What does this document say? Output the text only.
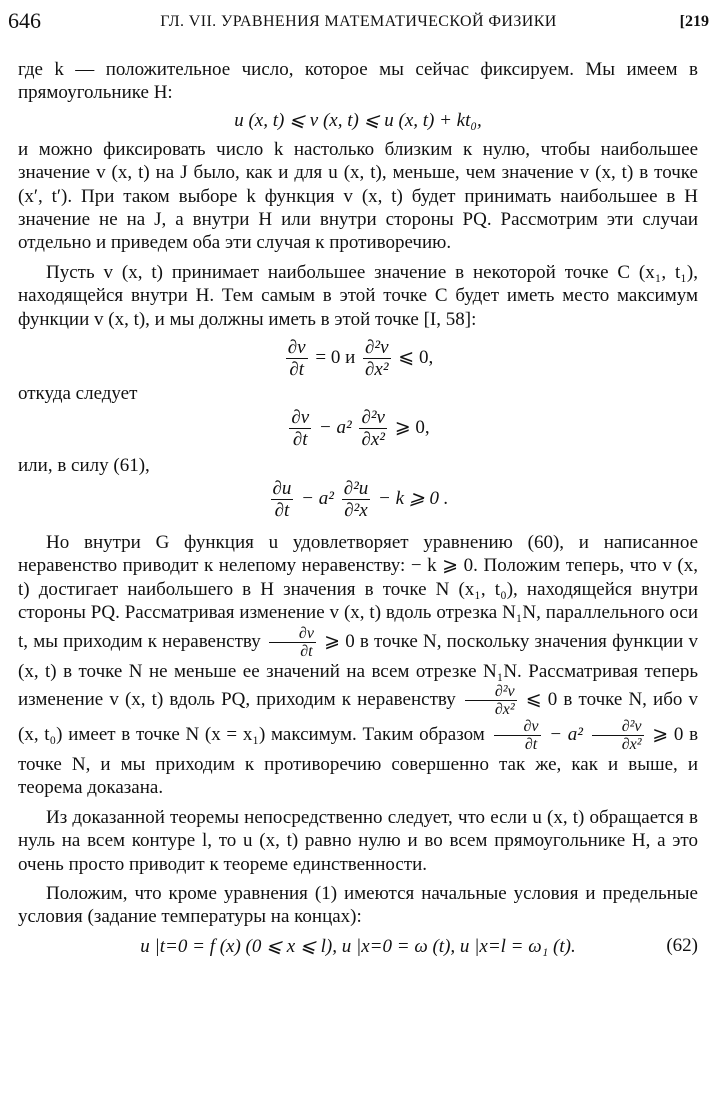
646	ГЛ. VII. УРАВНЕНИЯ МАТЕМАТИЧЕСКОЙ ФИЗИКИ	[219

где k — положительное число, которое мы сейчас фиксируем. Мы имеем в прямоугольнике H:

u (x, t) ⩽ v (x, t) ⩽ u (x, t) + kt₀,

и можно фиксировать число k настолько близким к нулю, чтобы наибольшее значение v (x, t) на J было, как и для u (x, t), меньше, чем значение v (x, t) в точке (x′, t′). При таком выборе k функция v (x, t) будет принимать наибольшее в H значение не на J, а внутри H или внутри стороны PQ. Рассмотрим эти случаи отдельно и приведем оба эти случая к противоречию.

Пусть v (x, t) принимает наибольшее значение в некоторой точке C (x₁, t₁), находящейся внутри H. Тем самым в этой точке C будет иметь место максимум функции v (x, t), и мы должны иметь в этой точке [I, 58]:

$\frac{\partial v}{\partial t} = 0$ и $\frac{\text{∂²v}}{\text{∂x²}}$ ⩽ 0,

откуда следует

$\frac{\partial v}{\partial t} - a^2 \frac{\text{∂²v}}{\text{∂x²}}$ ⩾ 0,

или, в силу (61),

$\frac{\partial u}{\partial t} - a^2 \frac{\text{∂²u}}{\text{∂²x}} - k$ ⩾ 0 .

Но внутри G функция u удовлетворяет уравнению (60), и написанное неравенство приводит к нелепому неравенству: − k ⩾ 0. Положим теперь, что v (x, t) достигает наибольшего в H значения в точке N (x₁, t₀), находящейся внутри стороны PQ. Рассматривая изменение v (x, t) вдоль отрезка N₁N, параллельного оси t, мы приходим к неравенству $\frac{\partial v}{\partial t}$ ⩾ 0 в точке N, поскольку значения функции v (x, t) в точке N не меньше ее значений на всем отрезке N₁N. Рассматривая теперь изменение v (x, t) вдоль PQ, приходим к неравенству $\frac{\text{∂²v}}{\text{∂x²}}$ ⩽ 0 в точке N, ибо v (x, t₀) имеет в точке N (x = x₁) максимум. Таким образом $\frac{\partial v}{\partial t} - a^2 \frac{\text{∂²v}}{\text{∂x²}}$ ⩾ 0 в точке N, и мы приходим к противоречию совершенно так же, как и выше, и теорема доказана.

Из доказанной теоремы непосредственно следует, что если u (x, t) обращается в нуль на всем контуре l, то u (x, t) равно нулю и во всем прямоугольнике H, а это очень просто приводит к теореме единственности.

Положим, что кроме уравнения (1) имеются начальные условия и предельные условия (задание температуры на концах):

u |t=0 = f (x) (0 ⩽ x ⩽ l), u |x=0 = ω (t), u |x=l = ω₁ (t).	(62)
